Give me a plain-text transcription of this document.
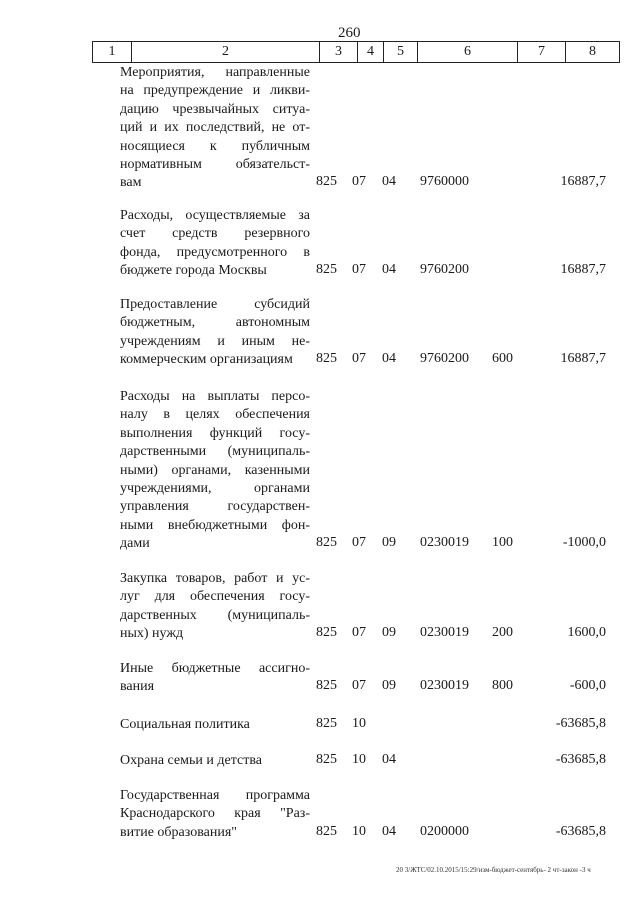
260
1	2	3	4	5	6	7	8
Мероприятия, направленные
на предупреждение и ликви-
дацию чрезвычайных ситуа-
ций и их последствий, не от-
носящиеся к публичным
нормативным обязательст-
вам	825 07 04 9760000	16887,7
Расходы, осуществляемые за
счет средств резервного
фонда, предусмотренного в
бюджете города Москвы	825 07 04 9760200	16887,7
Предоставление субсидий
бюджетным, автономным
учреждениям и иным не-
коммерческим организациям	825 07 04 9760200 600	16887,7
Расходы на выплаты персо-
налу в целях обеспечения
выполнения функций госу-
дарственными (муниципаль-
ными) органами, казенными
учреждениями, органами
управления государствен-
ными внебюджетными фон-
дами	825 07 09 0230019 100	-1000,0
Закупка товаров, работ и ус-
луг для обеспечения госу-
дарственных (муниципаль-
ных) нужд	825 07 09 0230019 200	1600,0
Иные бюджетные ассигно-
вания	825 07 09 0230019 800	-600,0
Социальная политика	825 10	-63685,8
Охрана семьи и детства	825 10 04	-63685,8
Государственная программа
Краснодарского края "Раз-
витие образования"	825 10 04 0200000	-63685,8
20 3/ЖТС/02.10.2015/15:29/изм-бюджет-сентябрь- 2 чт-закон -3 ч
